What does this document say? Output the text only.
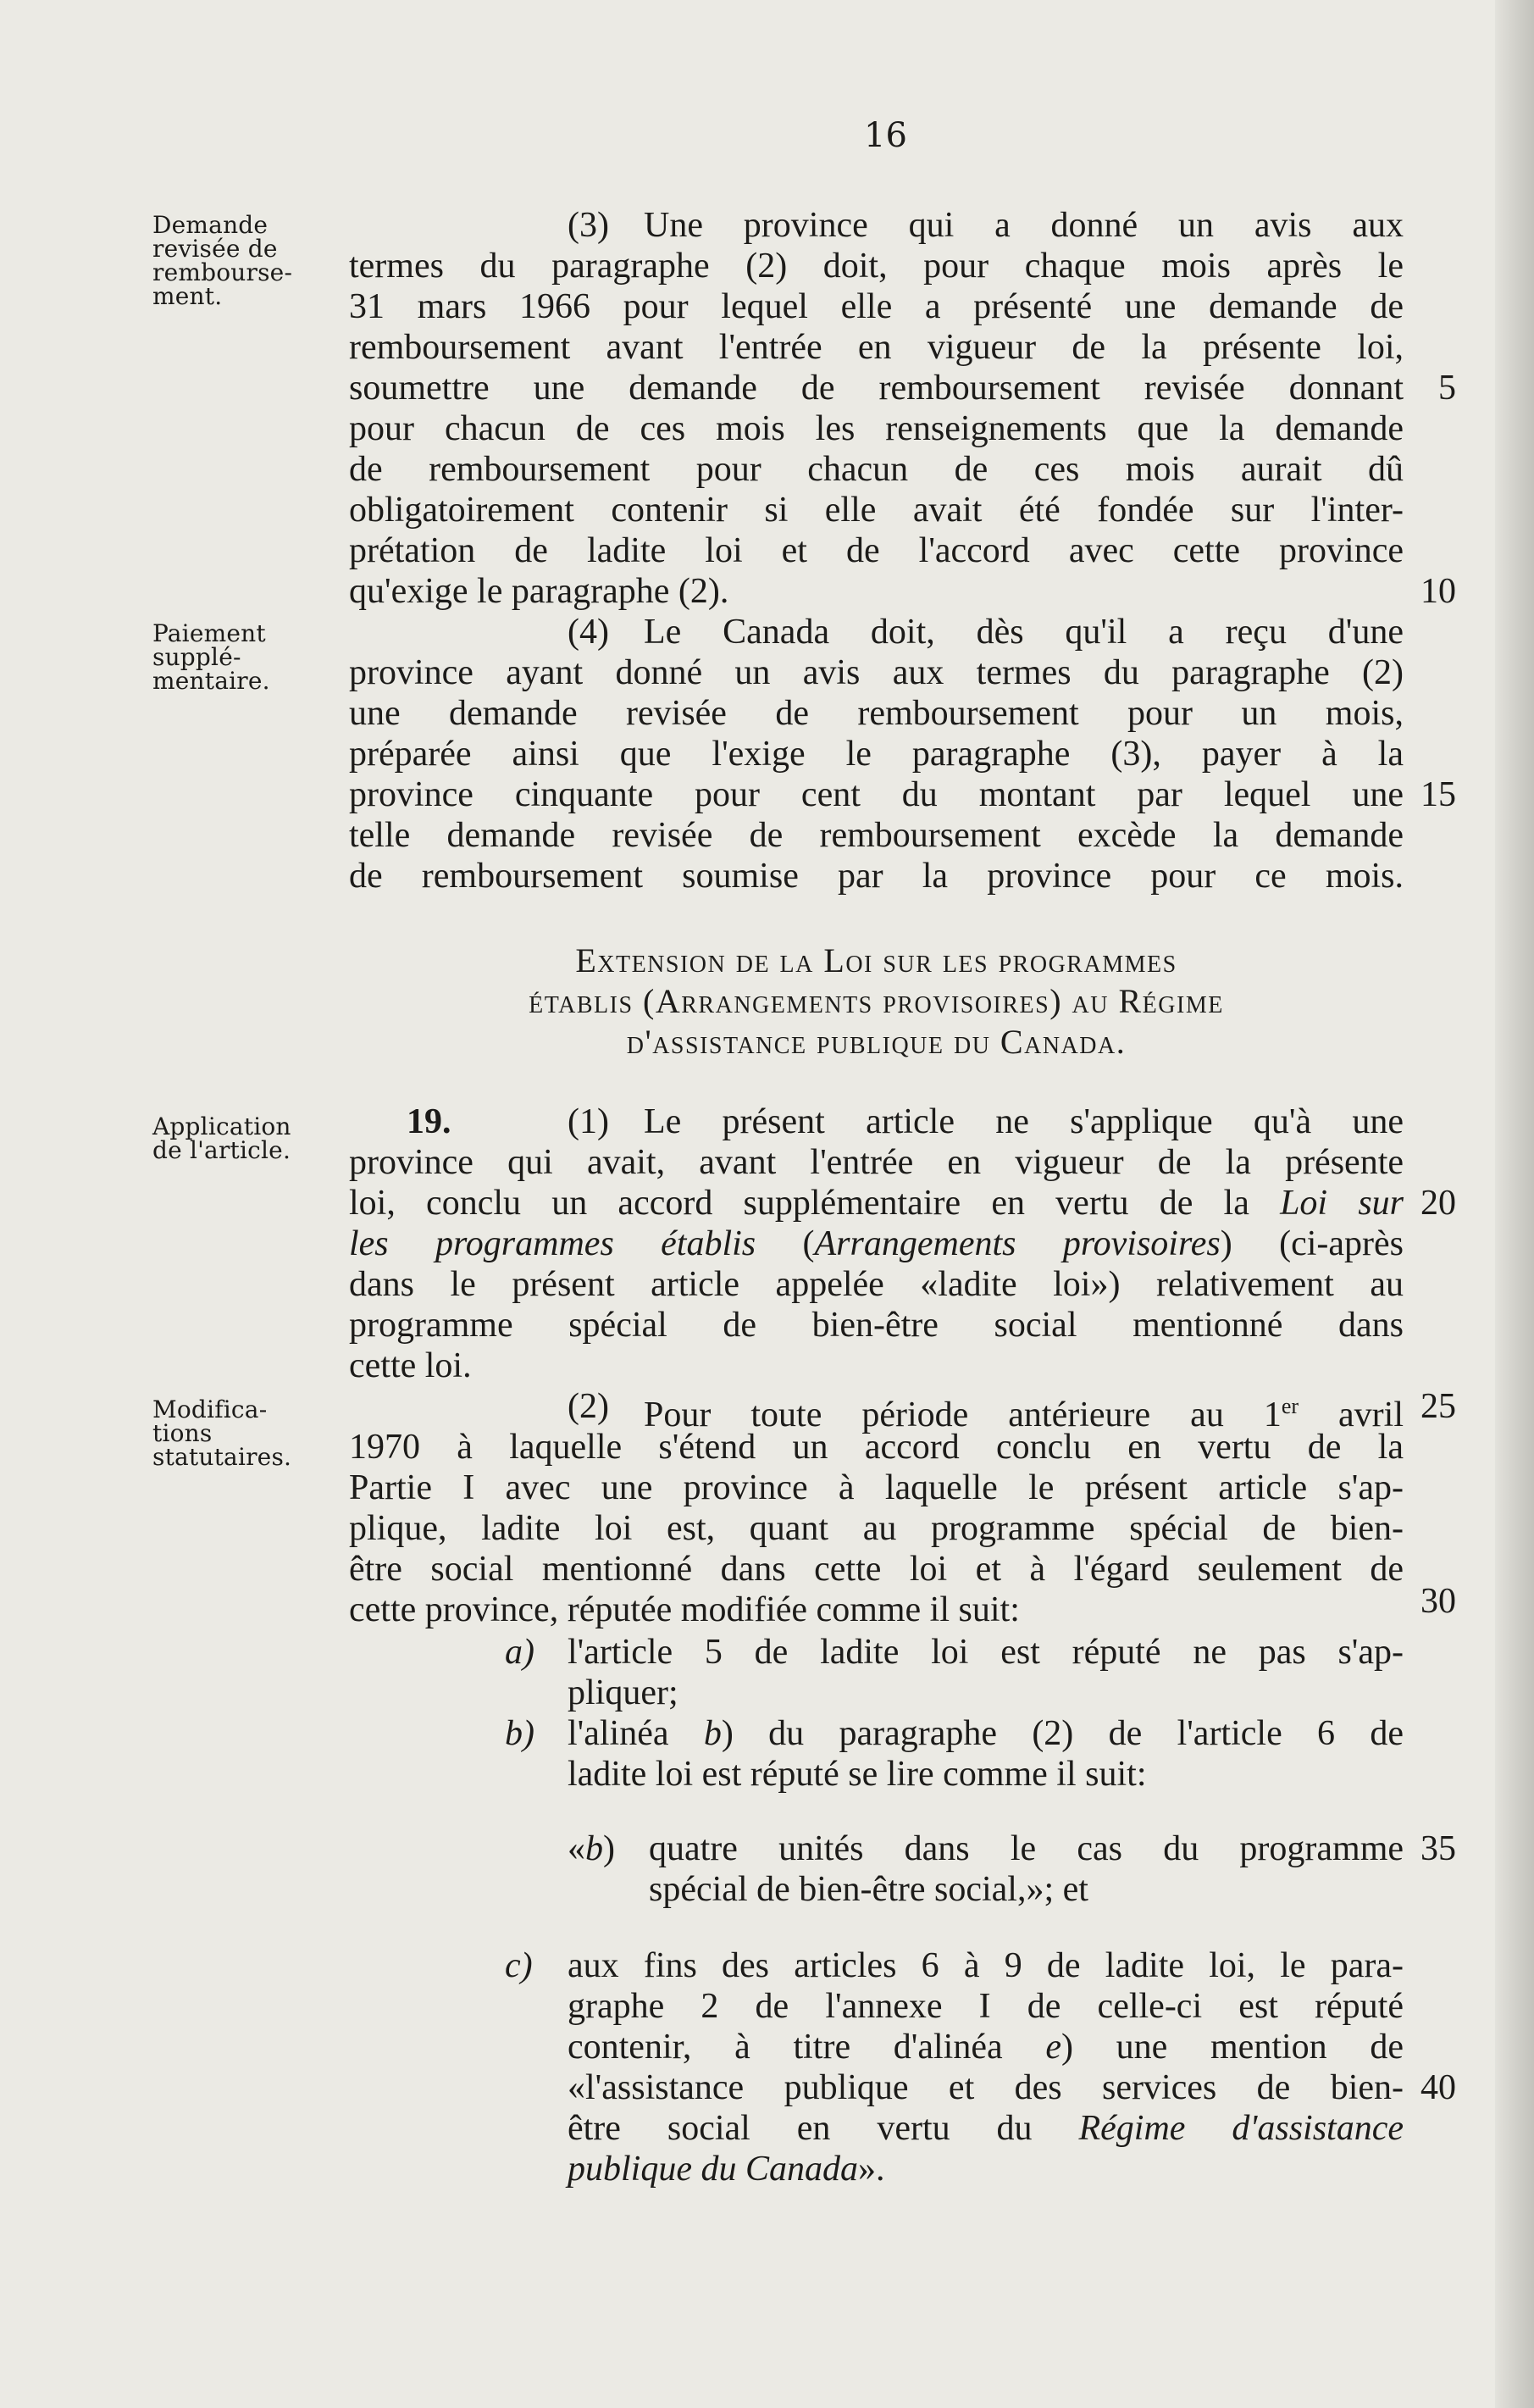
16
Demande
revisée de
rembourse-
ment.
Paiement
supplé-
mentaire.
Application
de l'article.
Modifica-
tions
statutaires.
(3) Une province qui a donné un avis aux
termes du paragraphe (2) doit, pour chaque mois après le
31 mars 1966 pour lequel elle a présenté une demande de
remboursement avant l'entrée en vigueur de la présente loi,
soumettre une demande de remboursement revisée donnant
pour chacun de ces mois les renseignements que la demande
de remboursement pour chacun de ces mois aurait dû
obligatoirement contenir si elle avait été fondée sur l'inter-
prétation de ladite loi et de l'accord avec cette province
qu'exige le paragraphe (2).
(4) Le Canada doit, dès qu'il a reçu d'une
province ayant donné un avis aux termes du paragraphe (2)
une demande revisée de remboursement pour un mois,
préparée ainsi que l'exige le paragraphe (3), payer à la
province cinquante pour cent du montant par lequel une
telle demande revisée de remboursement excède la demande
de remboursement soumise par la province pour ce mois.
Extension de la Loi sur les programmes
établis (Arrangements provisoires) au Régime
d'assistance publique du Canada.
19.	(1) Le présent article ne s'applique qu'à une
province qui avait, avant l'entrée en vigueur de la présente
loi, conclu un accord supplémentaire en vertu de la Loi sur
les programmes établis (Arrangements provisoires) (ci-après
dans le présent article appelée «ladite loi») relativement au
programme spécial de bien-être social mentionné dans
cette loi.
(2) Pour toute période antérieure au 1er avril
1970 à laquelle s'étend un accord conclu en vertu de la
Partie I avec une province à laquelle le présent article s'ap-
plique, ladite loi est, quant au programme spécial de bien-
être social mentionné dans cette loi et à l'égard seulement de
cette province, réputée modifiée comme il suit:
a) l'article 5 de ladite loi est réputé ne pas s'ap-
pliquer;
b) l'alinéa b) du paragraphe (2) de l'article 6 de
ladite loi est réputé se lire comme il suit:
«b) quatre unités dans le cas du programme
spécial de bien-être social,»; et
c) aux fins des articles 6 à 9 de ladite loi, le para-
graphe 2 de l'annexe I de celle-ci est réputé
contenir, à titre d'alinéa e) une mention de
«l'assistance publique et des services de bien-
être social en vertu du Régime d'assistance
publique du Canada».
5
10
15
20
25
30
35
40
